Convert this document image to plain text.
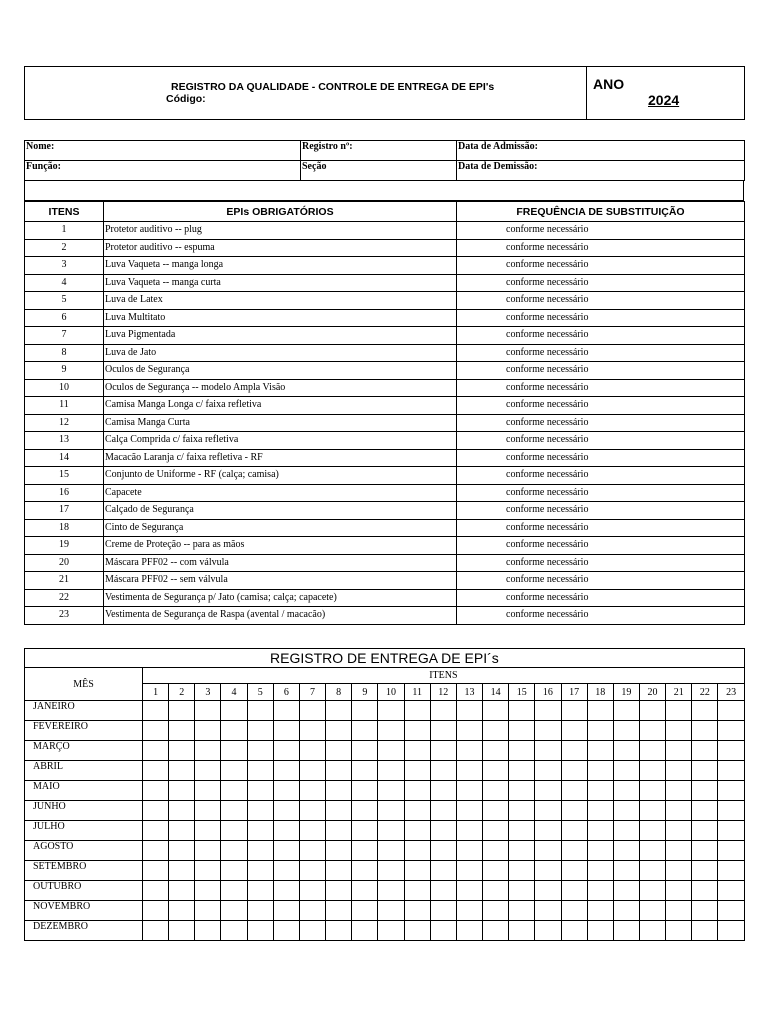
REGISTRO DA QUALIDADE - CONTROLE DE ENTREGA DE EPI's
Código:

ANO
2024
Nome:	Registro nº:	Data de Admissão:
Função:	Seção	Data de Demissão:
ITENS	EPIs OBRIGATÓRIOS	FREQUÊNCIA DE SUBSTITUIÇÃO
1	Protetor auditivo -- plug	conforme necessário
2	Protetor auditivo -- espuma	conforme necessário
3	Luva Vaqueta -- manga longa	conforme necessário
4	Luva Vaqueta -- manga curta	conforme necessário
5	Luva de Latex	conforme necessário
6	Luva Multitato	conforme necessário
7	Luva Pigmentada	conforme necessário
8	Luva de Jato	conforme necessário
9	Oculos de Segurança	conforme necessário
10	Oculos de Segurança -- modelo Ampla Visão	conforme necessário
11	Camisa Manga Longa c/ faixa refletiva	conforme necessário
12	Camisa Manga Curta	conforme necessário
13	Calça Comprida c/ faixa refletiva	conforme necessário
14	Macacão Laranja c/ faixa refletiva - RF	conforme necessário
15	Conjunto de Uniforme - RF (calça; camisa)	conforme necessário
16	Capacete	conforme necessário
17	Calçado de Segurança	conforme necessário
18	Cinto de Segurança	conforme necessário
19	Creme de Proteção -- para as mãos	conforme necessário
20	Máscara PFF02 -- com válvula	conforme necessário
21	Máscara PFF02 -- sem válvula	conforme necessário
22	Vestimenta de Segurança p/ Jato (camisa; calça; capacete)	conforme necessário
23	Vestimenta de Segurança de Raspa (avental / macacão)	conforme necessário
REGISTRO DE ENTREGA DE EPI´s																							
MÊS	ITENS																						
	1	2	3	4	5	6	7	8	9	10	11	12	13	14	15	16	17	18	19	20	21	22	23
JANEIRO																							
FEVEREIRO																							
MARÇO																							
ABRIL																							
MAIO																							
JUNHO																							
JULHO																							
AGOSTO																							
SETEMBRO																							
OUTUBRO																							
NOVEMBRO																							
DEZEMBRO																							
